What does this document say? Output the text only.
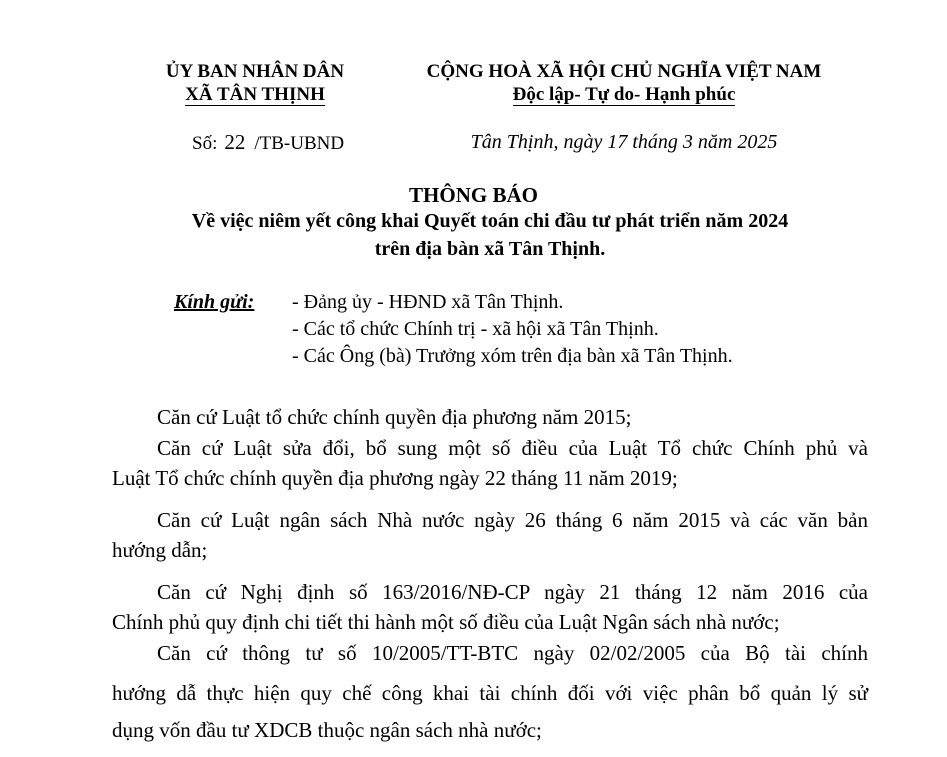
ỦY BAN NHÂN DÂN
XÃ TÂN THỊNH
CỘNG HOÀ XÃ HỘI CHỦ NGHĨA VIỆT NAM
Độc lập- Tự do- Hạnh phúc
Số: 22 /TB-UBND	Tân Thịnh, ngày 17 tháng 3 năm 2025
THÔNG BÁO
Về việc niêm yết công khai Quyết toán chi đầu tư phát triển năm 2024
trên địa bàn xã Tân Thịnh.
Kính gửi: - Đảng ủy - HĐND xã Tân Thịnh.
- Các tổ chức Chính trị - xã hội xã Tân Thịnh.
- Các Ông (bà) Trưởng xóm trên địa bàn xã Tân Thịnh.
Căn cứ Luật tổ chức chính quyền địa phương năm 2015;
Căn cứ Luật sửa đổi, bổ sung một số điều của Luật Tổ chức Chính phủ và
Luật Tổ chức chính quyền địa phương ngày 22 tháng 11 năm 2019;
Căn cứ Luật ngân sách Nhà nước ngày 26 tháng 6 năm 2015 và các văn bản
hướng dẫn;
Căn cứ Nghị định số 163/2016/NĐ-CP ngày 21 tháng 12 năm 2016 của
Chính phủ quy định chi tiết thi hành một số điều của Luật Ngân sách nhà nước;
Căn cứ thông tư số 10/2005/TT-BTC ngày 02/02/2005 của Bộ tài chính
hướng dẫ thực hiện quy chế công khai tài chính đối với việc phân bổ quản lý sử
dụng vốn đầu tư XDCB thuộc ngân sách nhà nước;
